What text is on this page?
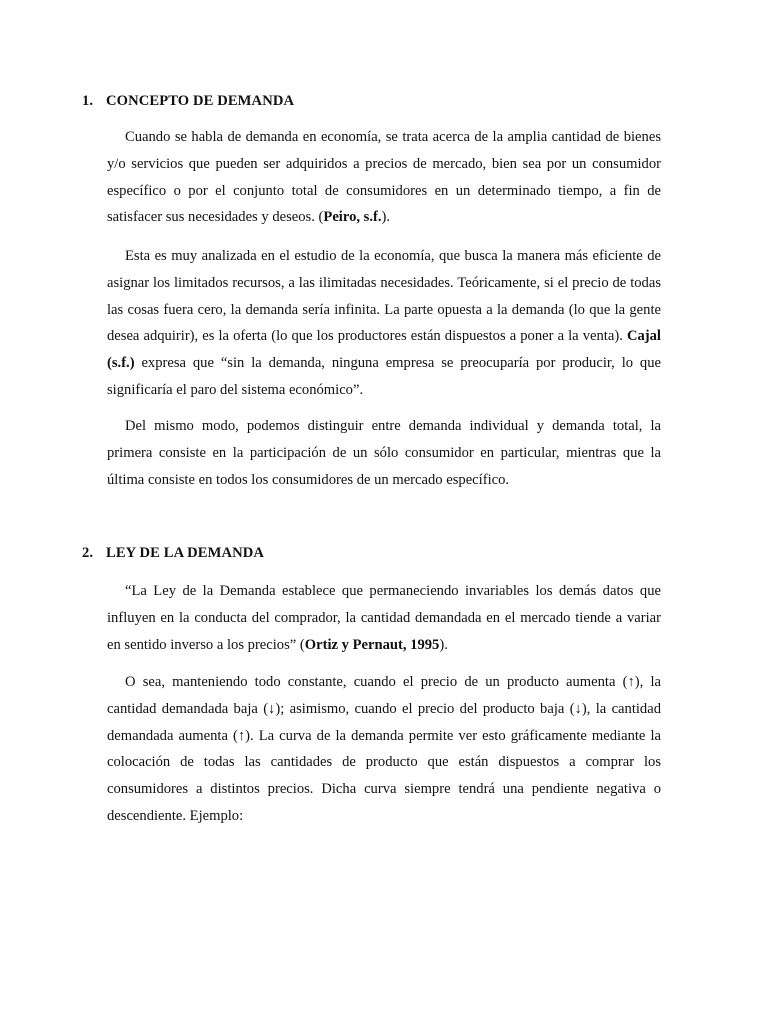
1. CONCEPTO DE DEMANDA

Cuando se habla de demanda en economía, se trata acerca de la amplia cantidad de bienes y/o servicios que pueden ser adquiridos a precios de mercado, bien sea por un consumidor específico o por el conjunto total de consumidores en un determinado tiempo, a fin de satisfacer sus necesidades y deseos. (Peiro, s.f.).

Esta es muy analizada en el estudio de la economía, que busca la manera más eficiente de asignar los limitados recursos, a las ilimitadas necesidades. Teóricamente, si el precio de todas las cosas fuera cero, la demanda sería infinita. La parte opuesta a la demanda (lo que la gente desea adquirir), es la oferta (lo que los productores están dispuestos a poner a la venta). Cajal (s.f.) expresa que “sin la demanda, ninguna empresa se preocuparía por producir, lo que significaría el paro del sistema económico”.

Del mismo modo, podemos distinguir entre demanda individual y demanda total, la primera consiste en la participación de un sólo consumidor en particular, mientras que la última consiste en todos los consumidores de un mercado específico.

2. LEY DE LA DEMANDA

“La Ley de la Demanda establece que permaneciendo invariables los demás datos que influyen en la conducta del comprador, la cantidad demandada en el mercado tiende a variar en sentido inverso a los precios” (Ortiz y Pernaut, 1995).

O sea, manteniendo todo constante, cuando el precio de un producto aumenta (↑), la cantidad demandada baja (↓); asimismo, cuando el precio del producto baja (↓), la cantidad demandada aumenta (↑). La curva de la demanda permite ver esto gráficamente mediante la colocación de todas las cantidades de producto que están dispuestos a comprar los consumidores a distintos precios. Dicha curva siempre tendrá una pendiente negativa o descendiente. Ejemplo:
